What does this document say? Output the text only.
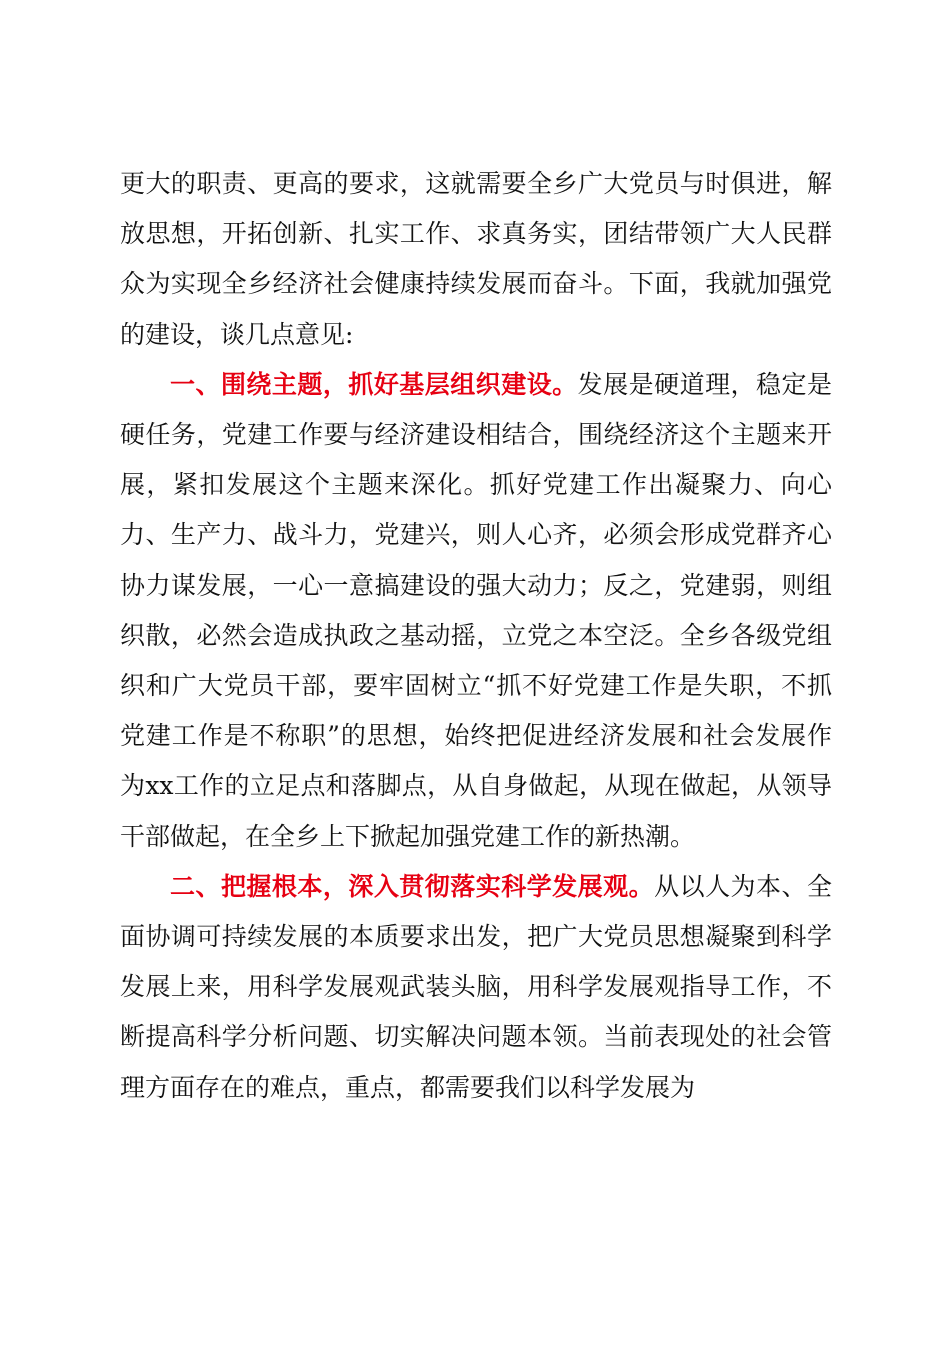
更大的职责、更高的要求，这就需要全乡广大党员与时俱进，解放思想，开拓创新、扎实工作、求真务实，团结带领广大人民群众为实现全乡经济社会健康持续发展而奋斗。下面，我就加强党的建设，谈几点意见:

一、围绕主题，抓好基层组织建设。发展是硬道理，稳定是硬任务，党建工作要与经济建设相结合，围绕经济这个主题来开展，紧扣发展这个主题来深化。抓好党建工作出凝聚力、向心力、生产力、战斗力，党建兴，则人心齐，必须会形成党群齐心协力谋发展，一心一意搞建设的强大动力；反之，党建弱，则组织散，必然会造成执政之基动摇，立党之本空泛。全乡各级党组织和广大党员干部，要牢固树立“抓不好党建工作是失职，不抓党建工作是不称职”的思想，始终把促进经济发展和社会发展作为xx工作的立足点和落脚点，从自身做起，从现在做起，从领导干部做起，在全乡上下掀起加强党建工作的新热潮。

二、把握根本，深入贯彻落实科学发展观。从以人为本、全面协调可持续发展的本质要求出发，把广大党员思想凝聚到科学发展上来，用科学发展观武装头脑，用科学发展观指导工作，不断提高科学分析问题、切实解决问题本领。当前表现处的社会管理方面存在的难点，重点，都需要我们以科学发展为
